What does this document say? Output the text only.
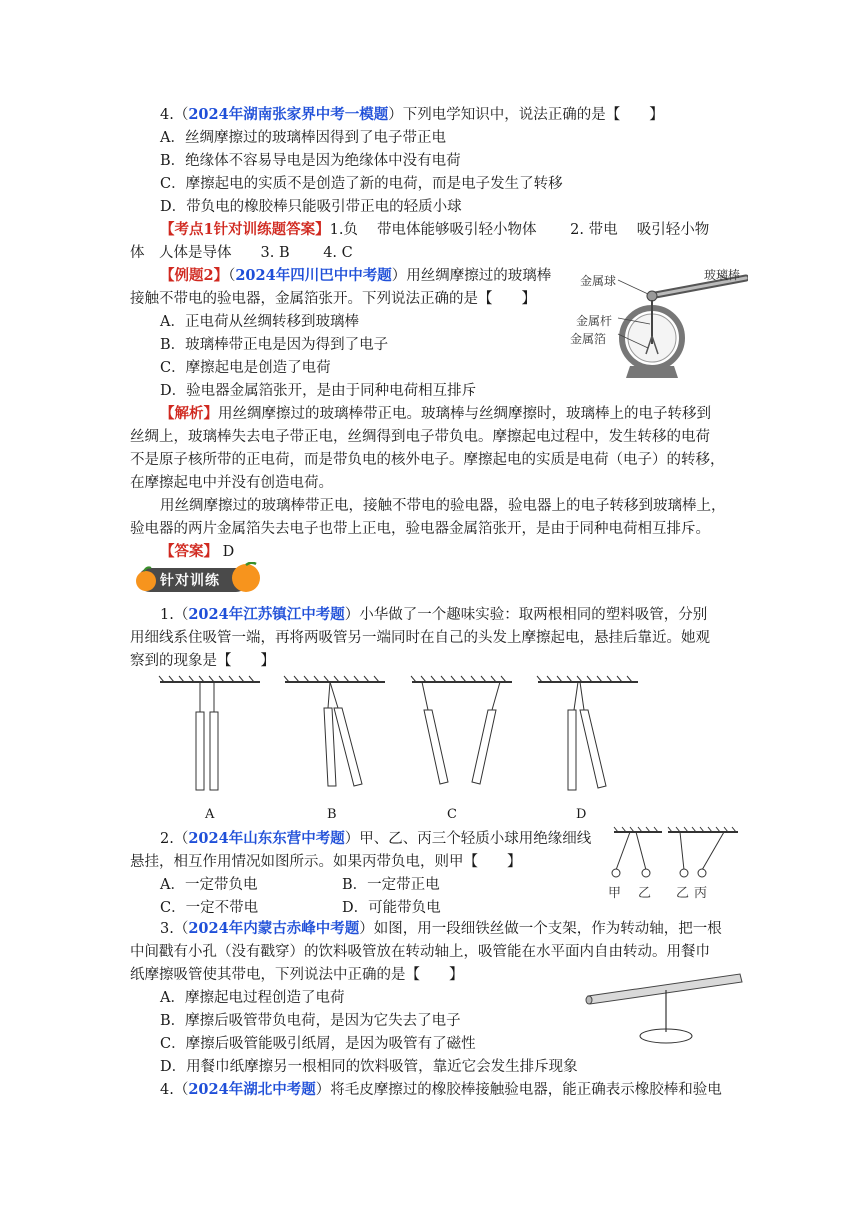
4.（2024年湖南张家界中考一模题）下列电学知识中，说法正确的是【　　】
A．丝绸摩擦过的玻璃棒因得到了电子带正电
B．绝缘体不容易导电是因为绝缘体中没有电荷
C．摩擦起电的实质不是创造了新的电荷，而是电子发生了转移
D．带负电的橡胶棒只能吸引带正电的轻质小球
【考点1针对训练题答案】1.负　 带电体能够吸引轻小物体　　 2. 带电　 吸引轻小物
体　人体是导体　　3. B　　 4. C
【例题2】（2024年四川巴中中考题）用丝绸摩擦过的玻璃棒
接触不带电的验电器，金属箔张开。下列说法正确的是【　　】
A．正电荷从丝绸转移到玻璃棒
B．玻璃棒带正电是因为得到了电子
C．摩擦起电是创造了电荷
D．验电器金属箔张开，是由于同种电荷相互排斥
金属球	玻璃棒
金属杆
金属箔
【解析】用丝绸摩擦过的玻璃棒带正电。玻璃棒与丝绸摩擦时，玻璃棒上的电子转移到
丝绸上，玻璃棒失去电子带正电，丝绸得到电子带负电。摩擦起电过程中，发生转移的电荷
不是原子核所带的正电荷，而是带负电的核外电子。摩擦起电的实质是电荷（电子）的转移，
在摩擦起电中并没有创造电荷。
用丝绸摩擦过的玻璃棒带正电，接触不带电的验电器，验电器上的电子转移到玻璃棒上，
验电器的两片金属箔失去电子也带上正电，验电器金属箔张开，是由于同种电荷相互排斥。
【答案】 D
针对训练
1.（2024年江苏镇江中考题）小华做了一个趣味实验：取两根相同的塑料吸管，分别
用细线系住吸管一端，再将两吸管另一端同时在自己的头发上摩擦起电，悬挂后靠近。她观
察到的现象是【　　】
A	B	C	D
2.（2024年山东东营中考题）甲、乙、丙三个轻质小球用绝缘细线
悬挂，相互作用情况如图所示。如果丙带负电，则甲【　　】
A．一定带负电	B．一定带正电
C．一定不带电	D．可能带负电
甲 乙 乙 丙
3.（2024年内蒙古赤峰中考题）如图，用一段细铁丝做一个支架，作为转动轴，把一根
中间戳有小孔（没有戳穿）的饮料吸管放在转动轴上，吸管能在水平面内自由转动。用餐巾
纸摩擦吸管使其带电，下列说法中正确的是【　　】
A．摩擦起电过程创造了电荷
B．摩擦后吸管带负电荷，是因为它失去了电子
C．摩擦后吸管能吸引纸屑，是因为吸管有了磁性
D．用餐巾纸摩擦另一根相同的饮料吸管，靠近它会发生排斥现象
4.（2024年湖北中考题）将毛皮摩擦过的橡胶棒接触验电器，能正确表示橡胶棒和验电
